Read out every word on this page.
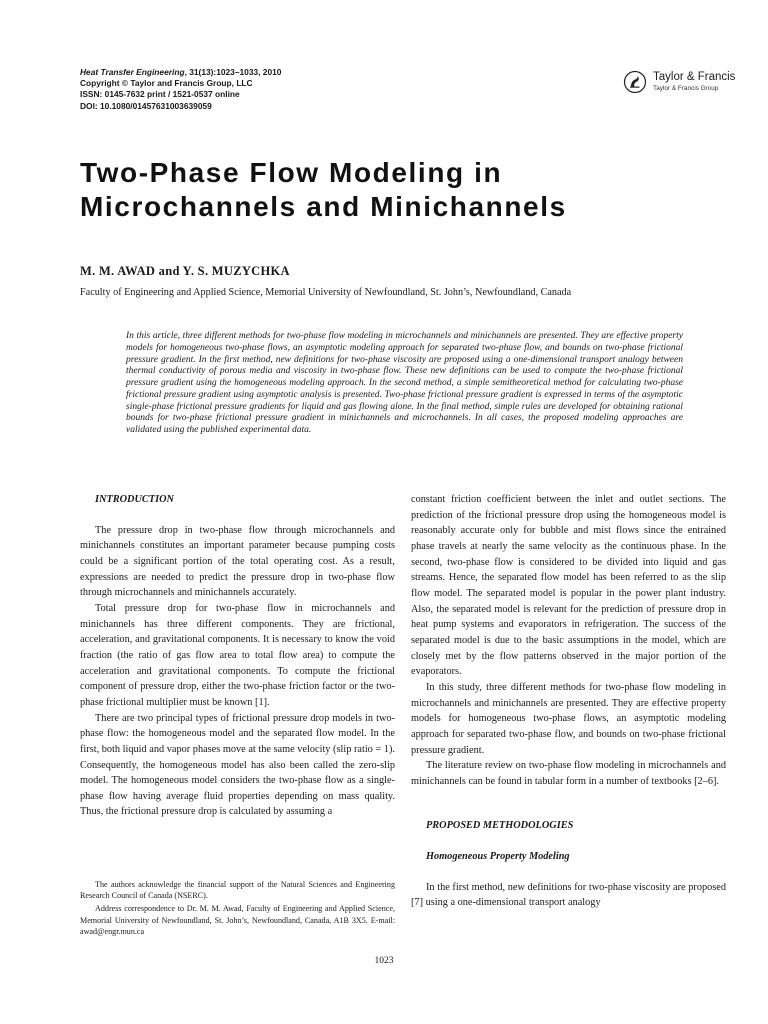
Heat Transfer Engineering, 31(13):1023–1033, 2010
Copyright © Taylor and Francis Group, LLC
ISSN: 0145-7632 print / 1521-0537 online
DOI: 10.1080/01457631003639059
Taylor & Francis
Taylor & Francis Group
Two-Phase Flow Modeling in Microchannels and Minichannels
M. M. AWAD and Y. S. MUZYCHKA
Faculty of Engineering and Applied Science, Memorial University of Newfoundland, St. John’s, Newfoundland, Canada

In this article, three different methods for two-phase flow modeling in microchannels and minichannels are presented. They are effective property models for homogeneous two-phase flows, an asymptotic modeling approach for separated two-phase flow, and bounds on two-phase frictional pressure gradient. In the first method, new definitions for two-phase viscosity are proposed using a one-dimensional transport analogy between thermal conductivity of porous media and viscosity in two-phase flow. These new definitions can be used to compute the two-phase frictional pressure gradient using the homogeneous modeling approach. In the second method, a simple semitheoretical method for calculating two-phase frictional pressure gradient using asymptotic analysis is presented. Two-phase frictional pressure gradient is expressed in terms of the asymptotic single-phase frictional pressure gradients for liquid and gas flowing alone. In the final method, simple rules are developed for obtaining rational bounds for two-phase frictional pressure gradient in minichannels and microchannels. In all cases, the proposed modeling approaches are validated using the published experimental data.

INTRODUCTION

The pressure drop in two-phase flow through microchannels and minichannels constitutes an important parameter because pumping costs could be a significant portion of the total operating cost. As a result, expressions are needed to predict the pressure drop in two-phase flow through microchannels and minichannels accurately.

Total pressure drop for two-phase flow in microchannels and minichannels has three different components. They are frictional, acceleration, and gravitational components. It is necessary to know the void fraction (the ratio of gas flow area to total flow area) to compute the acceleration and gravitational components. To compute the frictional component of pressure drop, either the two-phase friction factor or the two-phase frictional multiplier must be known [1].

There are two principal types of frictional pressure drop models in two-phase flow: the homogeneous model and the separated flow model. In the first, both liquid and vapor phases move at the same velocity (slip ratio = 1). Consequently, the homogeneous model has also been called the zero-slip model. The homogeneous model considers the two-phase flow as a single-phase flow having average fluid properties depending on mass quality. Thus, the frictional pressure drop is calculated by assuming a

constant friction coefficient between the inlet and outlet sections. The prediction of the frictional pressure drop using the homogeneous model is reasonably accurate only for bubble and mist flows since the entrained phase travels at nearly the same velocity as the continuous phase. In the second, two-phase flow is considered to be divided into liquid and gas streams. Hence, the separated flow model has been referred to as the slip flow model. The separated model is popular in the power plant industry. Also, the separated model is relevant for the prediction of pressure drop in heat pump systems and evaporators in refrigeration. The success of the separated model is due to the basic assumptions in the model, which are closely met by the flow patterns observed in the major portion of the evaporators.

In this study, three different methods for two-phase flow modeling in microchannels and minichannels are presented. They are effective property models for homogeneous two-phase flows, an asymptotic modeling approach for separated two-phase flow, and bounds on two-phase frictional pressure gradient.

The literature review on two-phase flow modeling in microchannels and minichannels can be found in tabular form in a number of textbooks [2–6].

PROPOSED METHODOLOGIES

Homogeneous Property Modeling

In the first method, new definitions for two-phase viscosity are proposed [7] using a one-dimensional transport analogy

The authors acknowledge the financial support of the Natural Sciences and Engineering Research Council of Canada (NSERC).

Address correspondence to Dr. M. M. Awad, Faculty of Engineering and Applied Science, Memorial University of Newfoundland, St. John’s, Newfoundland, Canada, A1B 3X5. E-mail: awad@engr.mun.ca

1023
